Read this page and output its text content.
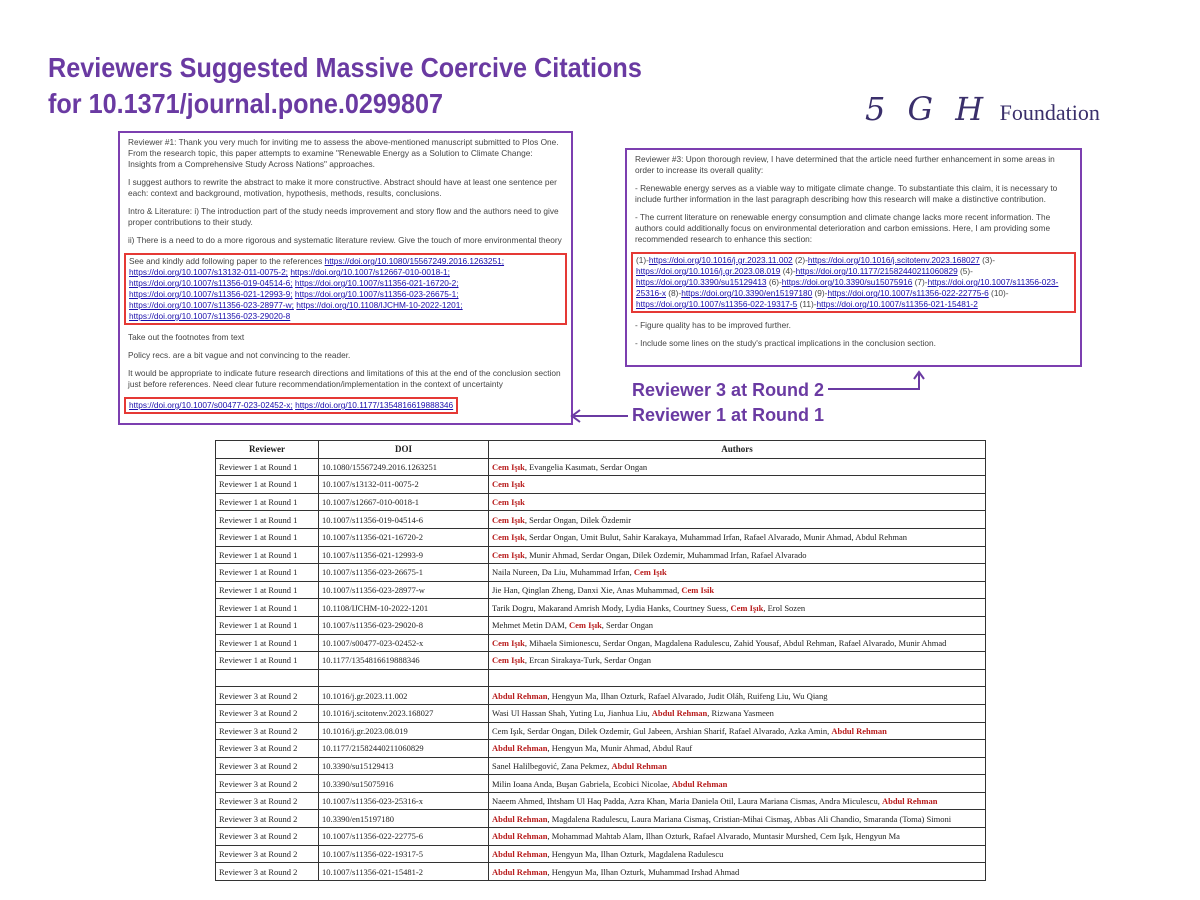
Reviewers Suggested Massive Coercive Citations
for 10.1371/journal.pone.0299807	5 G H Foundation

Reviewer #1: Thank you very much for inviting me to assess the above-mentioned manuscript submitted to Plos One. From the research topic, this paper attempts to examine "Renewable Energy as a Solution to Climate Change: Insights from a Comprehensive Study Across Nations" approaches.

I suggest authors to rewrite the abstract to make it more constructive. Abstract should have at least one sentence per each: context and background, motivation, hypothesis, methods, results, conclusions.

Intro & Literature: i) The introduction part of the study needs improvement and story flow and the authors need to give proper contributions to their study.

ii) There is a need to do a more rigorous and systematic literature review. Give the touch of more environmental theory

See and kindly add following paper to the references https://doi.org/10.1080/15567249.2016.1263251; https://doi.org/10.1007/s13132-011-0075-2; https://doi.org/10.1007/s12667-010-0018-1; https://doi.org/10.1007/s11356-019-04514-6; https://doi.org/10.1007/s11356-021-16720-2; https://doi.org/10.1007/s11356-021-12993-9; https://doi.org/10.1007/s11356-023-26675-1; https://doi.org/10.1007/s11356-023-28977-w; https://doi.org/10.1108/IJCHM-10-2022-1201; https://doi.org/10.1007/s11356-023-29020-8

Take out the footnotes from text

Policy recs. are a bit vague and not convincing to the reader.

It would be appropriate to indicate future research directions and limitations of this at the end of the conclusion section just before references. Need clear future recommendation/implementation in the context of uncertainty

https://doi.org/10.1007/s00477-023-02452-x; https://doi.org/10.1177/1354816619888346

Reviewer #3: Upon thorough review, I have determined that the article need further enhancement in some areas in order to increase its overall quality:

- Renewable energy serves as a viable way to mitigate climate change. To substantiate this claim, it is necessary to include further information in the last paragraph describing how this research will make a distinctive contribution.

- The current literature on renewable energy consumption and climate change lacks more recent information. The authors could additionally focus on environmental deterioration and carbon emissions. Here, I am providing some recommended research to enhance this section:

(1)-https://doi.org/10.1016/j.gr.2023.11.002 (2)-https://doi.org/10.1016/j.scitotenv.2023.168027 (3)-https://doi.org/10.1016/j.gr.2023.08.019 (4)-https://doi.org/10.1177/21582440211060829 (5)-https://doi.org/10.3390/su15129413 (6)-https://doi.org/10.3390/su15075916 (7)-https://doi.org/10.1007/s11356-023-25316-x (8)-https://doi.org/10.3390/en15197180 (9)-https://doi.org/10.1007/s11356-022-22775-6 (10)-https://doi.org/10.1007/s11356-022-19317-5 (11)-https://doi.org/10.1007/s11356-021-15481-2

- Figure quality has to be improved further.

- Include some lines on the study's practical implications in the conclusion section.

Reviewer 3 at Round 2
Reviewer 1 at Round 1
Reviewer	DOI	Authors
Reviewer 1 at Round 1	10.1080/15567249.2016.1263251	Cem Işık, Evangelia Kasımatı, Serdar Ongan
Reviewer 1 at Round 1	10.1007/s13132-011-0075-2	Cem Işık
Reviewer 1 at Round 1	10.1007/s12667-010-0018-1	Cem Işık
Reviewer 1 at Round 1	10.1007/s11356-019-04514-6	Cem Işık, Serdar Ongan, Dilek Özdemir
Reviewer 1 at Round 1	10.1007/s11356-021-16720-2	Cem Işık, Serdar Ongan, Umit Bulut, Sahir Karakaya, Muhammad Irfan, Rafael Alvarado, Munir Ahmad, Abdul Rehman
Reviewer 1 at Round 1	10.1007/s11356-021-12993-9	Cem Işık, Munir Ahmad, Serdar Ongan, Dilek Ozdemir, Muhammad Irfan, Rafael Alvarado
Reviewer 1 at Round 1	10.1007/s11356-023-26675-1	Naila Nureen, Da Liu, Muhammad Irfan, Cem Işık
Reviewer 1 at Round 1	10.1007/s11356-023-28977-w	Jie Han, Qinglan Zheng, Danxi Xie, Anas Muhammad, Cem Isik
Reviewer 1 at Round 1	10.1108/IJCHM-10-2022-1201	Tarik Dogru, Makarand Amrish Mody, Lydia Hanks, Courtney Suess, Cem Işık, Erol Sozen
Reviewer 1 at Round 1	10.1007/s11356-023-29020-8	Mehmet Metin DAM, Cem Işık, Serdar Ongan
Reviewer 1 at Round 1	10.1007/s00477-023-02452-x	Cem Işık, Mihaela Simionescu, Serdar Ongan, Magdalena Radulescu, Zahid Yousaf, Abdul Rehman, Rafael Alvarado, Munir Ahmad
Reviewer 1 at Round 1	10.1177/1354816619888346	Cem Işık, Ercan Sirakaya-Turk, Serdar Ongan

Reviewer 3 at Round 2	10.1016/j.gr.2023.11.002	Abdul Rehman, Hengyun Ma, Ilhan Ozturk, Rafael Alvarado, Judit Oláh, Ruifeng Liu, Wu Qiang
Reviewer 3 at Round 2	10.1016/j.scitotenv.2023.168027	Wasi Ul Hassan Shah, Yuting Lu, Jianhua Liu, Abdul Rehman, Rizwana Yasmeen
Reviewer 3 at Round 2	10.1016/j.gr.2023.08.019	Cem Işık, Serdar Ongan, Dilek Ozdemir, Gul Jabeen, Arshian Sharif, Rafael Alvarado, Azka Amin, Abdul Rehman
Reviewer 3 at Round 2	10.1177/21582440211060829	Abdul Rehman, Hengyun Ma, Munir Ahmad, Abdul Rauf
Reviewer 3 at Round 2	10.3390/su15129413	Sanel Halilbegović, Zana Pekmez, Abdul Rehman
Reviewer 3 at Round 2	10.3390/su15075916	Milin Ioana Anda, Buşan Gabriela, Ecobici Nicolae, Abdul Rehman
Reviewer 3 at Round 2	10.1007/s11356-023-25316-x	Naeem Ahmed, Ihtsham Ul Haq Padda, Azra Khan, Maria Daniela Otil, Laura Mariana Cismas, Andra Miculescu, Abdul Rehman
Reviewer 3 at Round 2	10.3390/en15197180	Abdul Rehman, Magdalena Radulescu, Laura Mariana Cismaş, Cristian-Mihai Cismaş, Abbas Ali Chandio, Smaranda (Toma) Simoni
Reviewer 3 at Round 2	10.1007/s11356-022-22775-6	Abdul Rehman, Mohammad Mahtab Alam, Ilhan Ozturk, Rafael Alvarado, Muntasir Murshed, Cem Işık, Hengyun Ma
Reviewer 3 at Round 2	10.1007/s11356-022-19317-5	Abdul Rehman, Hengyun Ma, Ilhan Ozturk, Magdalena Radulescu
Reviewer 3 at Round 2	10.1007/s11356-021-15481-2	Abdul Rehman, Hengyun Ma, Ilhan Ozturk, Muhammad Irshad Ahmad
